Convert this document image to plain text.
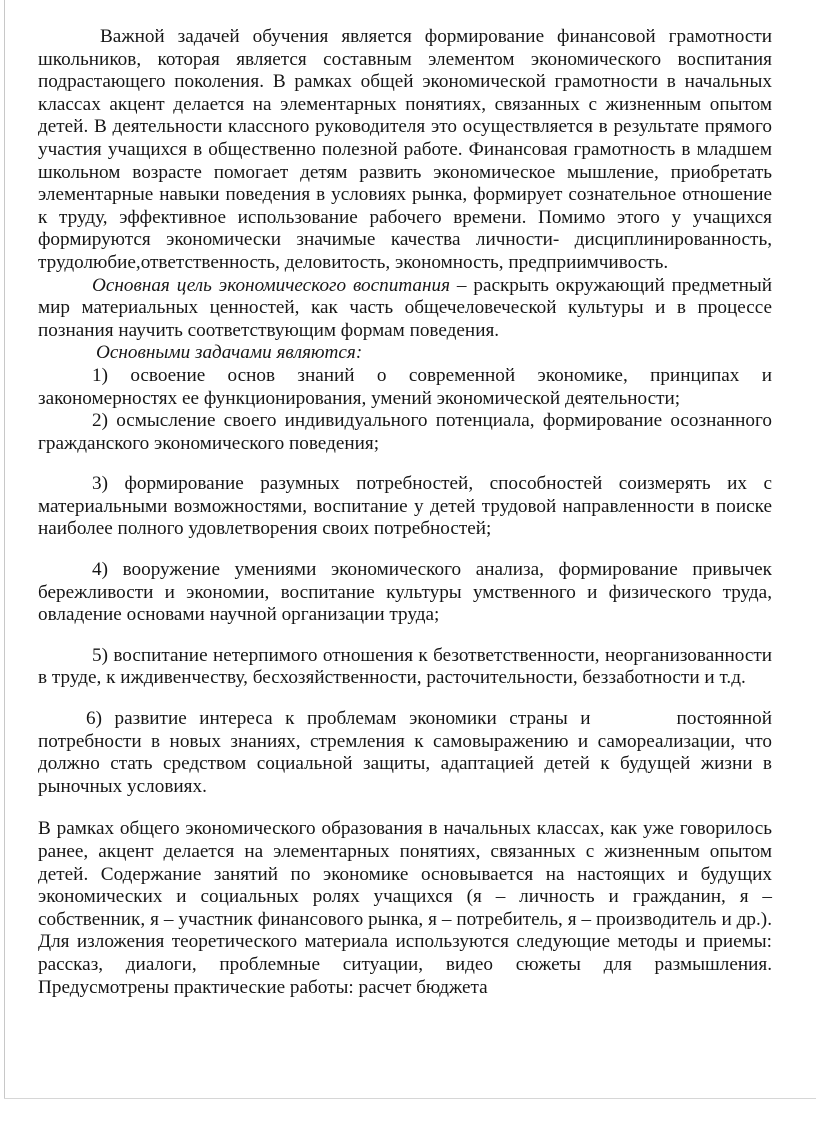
Важной задачей обучения является формирование финансовой грамотности школьников, которая является составным элементом экономического воспитания подрастающего поколения. В рамках общей экономической грамотности в начальных классах акцент делается на элементарных понятиях, связанных с жизненным опытом детей. В деятельности классного руководителя это осуществляется в результате прямого участия учащихся в общественно полезной работе. Финансовая грамотность в младшем школьном возрасте помогает детям развить экономическое мышление, приобретать элементарные навыки поведения в условиях рынка, формирует сознательное отношение к труду, эффективное использование рабочего времени. Помимо этого у учащихся формируются экономически значимые качества личности- дисциплинированность, трудолюбие,ответственность, деловитость, экономность, предприимчивость.

Основная цель экономического воспитания – раскрыть окружающий предметный мир материальных ценностей, как часть общечеловеческой культуры и в процессе познания научить соответствующим формам поведения.

Основными задачами являются:

1) освоение основ знаний о современной экономике, принципах и закономерностях ее функционирования, умений экономической деятельности;

2) осмысление своего индивидуального потенциала, формирование осознанного гражданского экономического поведения;

3) формирование разумных потребностей, способностей соизмерять их с материальными возможностями, воспитание у детей трудовой направленности в поиске наиболее полного удовлетворения своих потребностей;

4) вооружение умениями экономического анализа, формирование привычек бережливости и экономии, воспитание культуры умственного и физического труда, овладение основами научной организации труда;

5) воспитание нетерпимого отношения к безответственности, неорганизованности в труде, к иждивенчеству, бесхозяйственности, расточительности, беззаботности и т.д.

6) развитие интереса к проблемам экономики страны и	постоянной потребности в новых знаниях, стремления к самовыражению и самореализации, что должно стать средством социальной защиты, адаптацией детей к будущей жизни в рыночных условиях.

В рамках общего экономического образования в начальных классах, как уже говорилось ранее, акцент делается на элементарных понятиях, связанных с жизненным опытом детей. Содержание занятий по экономике основывается на настоящих и будущих экономических и социальных ролях учащихся (я – личность и гражданин, я – собственник, я – участник финансового рынка, я – потребитель, я – производитель и др.). Для изложения теоретического материала используются следующие методы и приемы: рассказ, диалоги, проблемные ситуации, видео сюжеты для размышления. Предусмотрены практические работы: расчет бюджета
